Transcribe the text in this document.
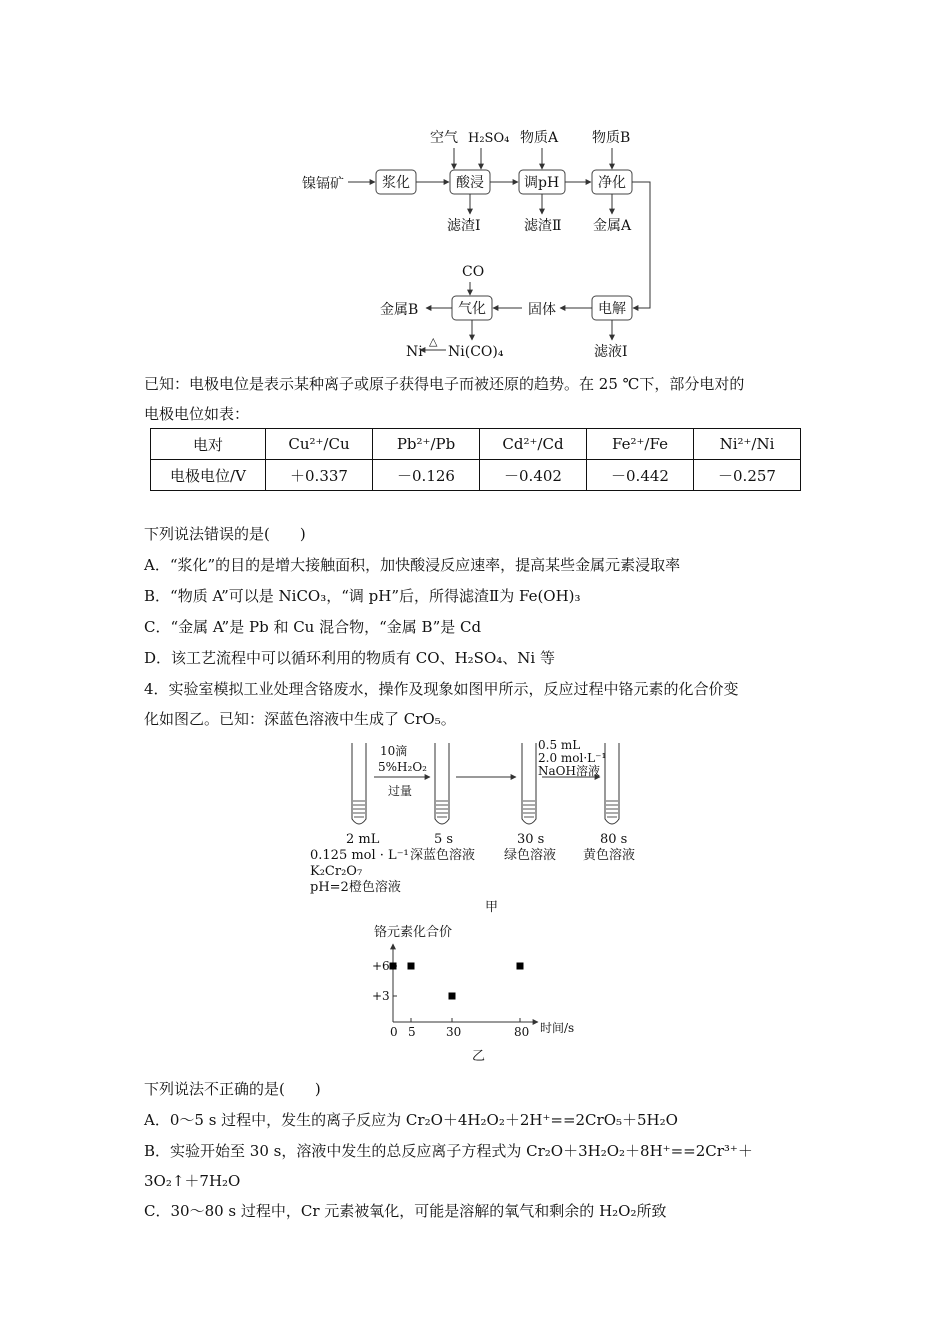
镍镉矿
空气 H₂SO₄ 物质A 物质B
滤渣Ⅰ	滤渣Ⅱ 金属A
CO
金属B	固体
Ni
△
Ni(CO)₄	滤液Ⅰ
浆化	酸浸	调pH	净化
气化	电解
已知：电极电位是表示某种离子或原子获得电子而被还原的趋势。在 25 ℃下，部分电对的
电极电位如表：
电对	Cu²⁺/Cu	Pb²⁺/Pb	Cd²⁺/Cd	Fe²⁺/Fe	Ni²⁺/Ni
电极电位/V	＋0.337	－0.126	－0.402	－0.442	－0.257
下列说法错误的是(　　)
A．“浆化”的目的是增大接触面积，加快酸浸反应速率，提高某些金属元素浸取率
B．“物质 A”可以是 NiCO₃，“调 pH”后，所得滤渣Ⅱ为 Fe(OH)₃
C．“金属 A”是 Pb 和 Cu 混合物，“金属 B”是 Cd
D．该工艺流程中可以循环利用的物质有 CO、H₂SO₄、Ni 等
4．实验室模拟工业处理含铬废水，操作及现象如图甲所示，反应过程中铬元素的化合价变
化如图乙。已知：深蓝色溶液中生成了 CrO₅。
10滴
5%H₂O₂
过量
0.5 mL
2.0 mol·L⁻¹
NaOH溶液
2 mL	5 s	30 s	80 s
0.125 mol · L⁻¹
K₂Cr₂O₇
pH=2橙色溶液
深蓝色溶液 绿色溶液 黄色溶液
甲
铬元素化合价
时间/s
乙
0 5	30	80
+6
+3
下列说法不正确的是(　　)
A．0～5 s 过程中，发生的离子反应为 Cr₂O＋4H₂O₂＋2H⁺==2CrO₅＋5H₂O
B．实验开始至 30 s，溶液中发生的总反应离子方程式为 Cr₂O＋3H₂O₂＋8H⁺==2Cr³⁺＋
3O₂↑＋7H₂O
C．30～80 s 过程中，Cr 元素被氧化，可能是溶解的氧气和剩余的 H₂O₂所致
